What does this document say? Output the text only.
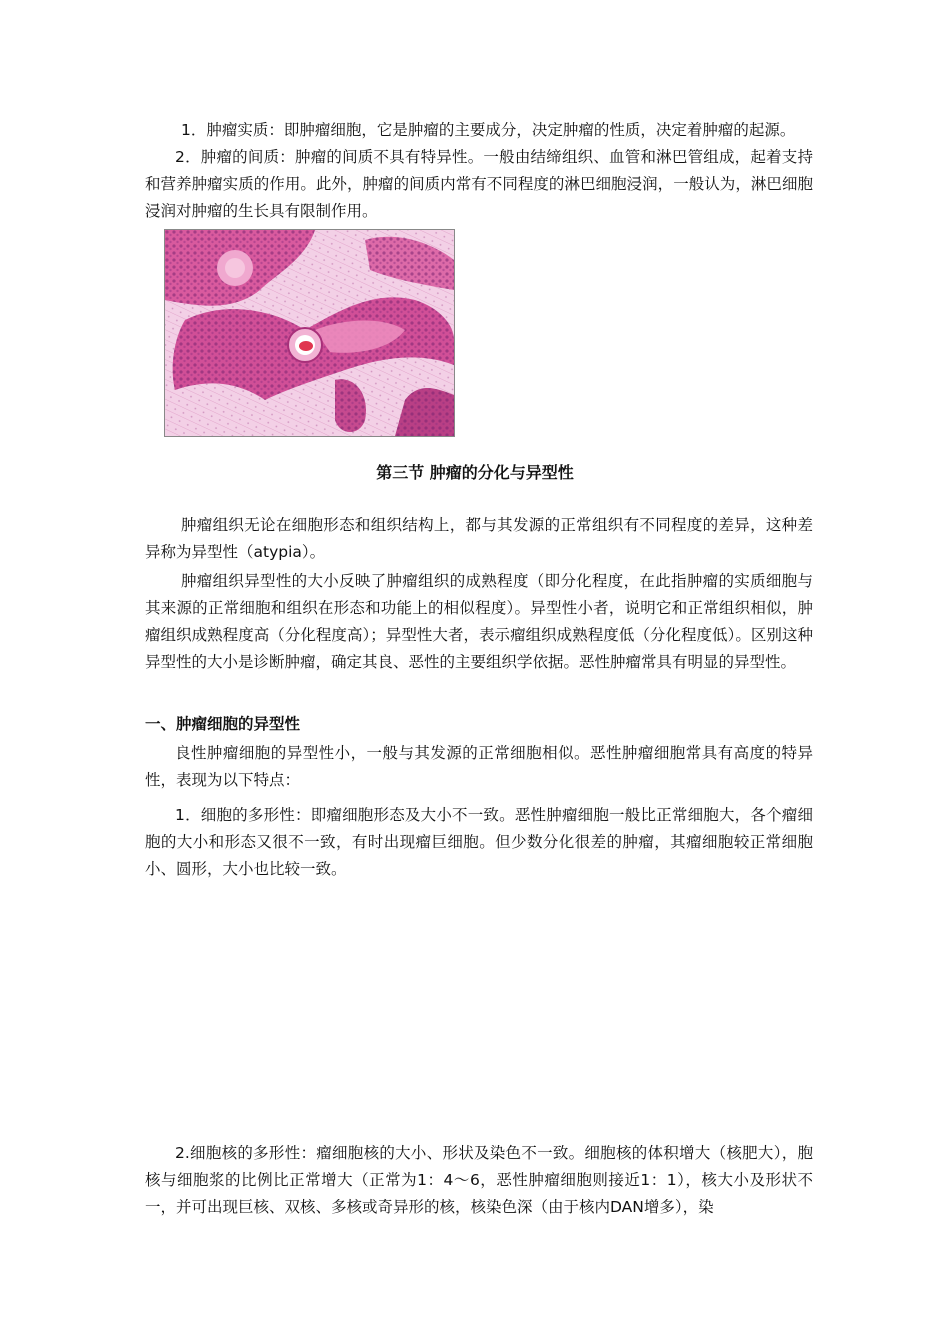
1．肿瘤实质：即肿瘤细胞，它是肿瘤的主要成分，决定肿瘤的性质，决定着肿瘤的起源。

2．肿瘤的间质：肿瘤的间质不具有特异性。一般由结缔组织、血管和淋巴管组成，起着支持和营养肿瘤实质的作用。此外，肿瘤的间质内常有不同程度的淋巴细胞浸润，一般认为，淋巴细胞浸润对肿瘤的生长具有限制作用。

第三节 肿瘤的分化与异型性

肿瘤组织无论在细胞形态和组织结构上，都与其发源的正常组织有不同程度的差异，这种差异称为异型性（atypia）。

肿瘤组织异型性的大小反映了肿瘤组织的成熟程度（即分化程度，在此指肿瘤的实质细胞与其来源的正常细胞和组织在形态和功能上的相似程度）。异型性小者，说明它和正常组织相似，肿瘤组织成熟程度高（分化程度高）；异型性大者，表示瘤组织成熟程度低（分化程度低）。区别这种异型性的大小是诊断肿瘤，确定其良、恶性的主要组织学依据。恶性肿瘤常具有明显的异型性。

一、肿瘤细胞的异型性

良性肿瘤细胞的异型性小，一般与其发源的正常细胞相似。恶性肿瘤细胞常具有高度的特异性，表现为以下特点：

1．细胞的多形性：即瘤细胞形态及大小不一致。恶性肿瘤细胞一般比正常细胞大，各个瘤细胞的大小和形态又很不一致，有时出现瘤巨细胞。但少数分化很差的肿瘤，其瘤细胞较正常细胞小、圆形，大小也比较一致。

2.细胞核的多形性：瘤细胞核的大小、形状及染色不一致。细胞核的体积增大（核肥大），胞核与细胞浆的比例比正常增大（正常为1：4～6，恶性肿瘤细胞则接近1：1），核大小及形状不一，并可出现巨核、双核、多核或奇异形的核，核染色深（由于核内DAN增多），染
